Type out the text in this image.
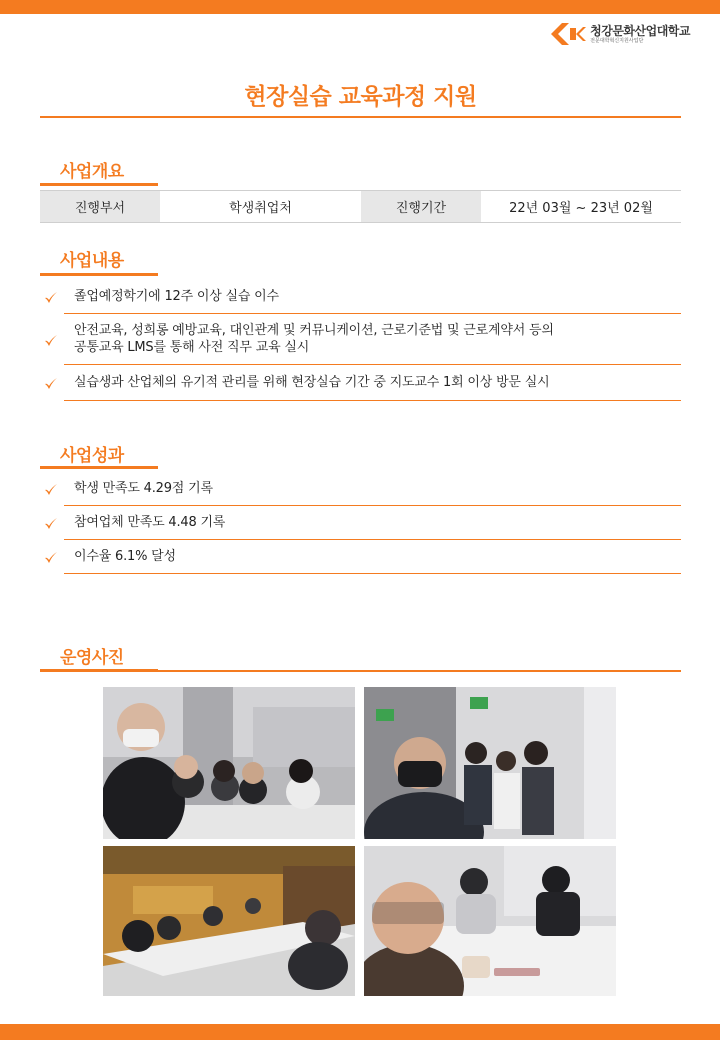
청강문화산업대학교
전문대학혁신지원사업단
현장실습 교육과정 지원
사업개요
진행부서	학생취업처	진행기간	22년 03월 ~ 23년 02월
사업내용
졸업예정학기에 12주 이상 실습 이수
안전교육, 성희롱 예방교육, 대인관계 및 커뮤니케이션, 근로기준법 및 근로계약서 등의
공통교육 LMS를 통해 사전 직무 교육 실시
실습생과 산업체의 유기적 관리를 위해 현장실습 기간 중 지도교수 1회 이상 방문 실시
사업성과
학생 만족도 4.29점 기록
참여업체 만족도 4.48 기록
이수율 6.1% 달성
운영사진
